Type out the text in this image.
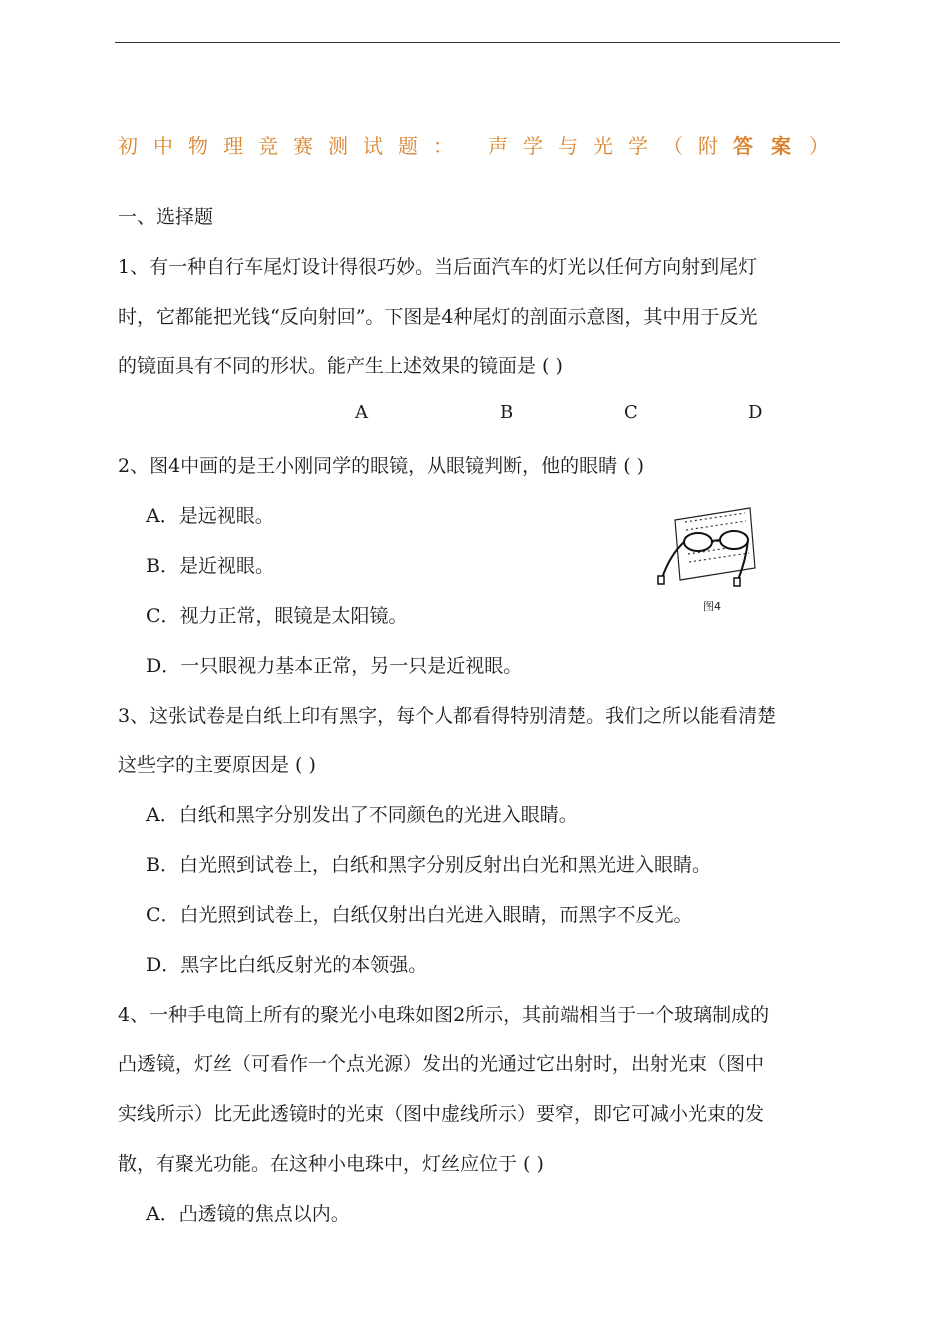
初中物理竞赛测试题： 声学与光学（附答案）
一、选择题
1、有一种自行车尾灯设计得很巧妙。当后面汽车的灯光以任何方向射到尾灯
时，它都能把光钱“反向射回”。下图是4种尾灯的剖面示意图，其中用于反光
的镜面具有不同的形状。能产生上述效果的镜面是 ( )
A	B	C	D
2、图4中画的是王小刚同学的眼镜，从眼镜判断，他的眼睛 ( )
A．是远视眼。
B．是近视眼。
C．视力正常，眼镜是太阳镜。
D．一只眼视力基本正常，另一只是近视眼。
图4
3、这张试卷是白纸上印有黑字，每个人都看得特别清楚。我们之所以能看清楚
这些字的主要原因是 ( )
A．白纸和黑字分别发出了不同颜色的光进入眼睛。
B．白光照到试卷上，白纸和黑字分别反射出白光和黑光进入眼睛。
C．白光照到试卷上，白纸仅射出白光进入眼睛，而黑字不反光。
D．黑字比白纸反射光的本领强。
4、一种手电筒上所有的聚光小电珠如图2所示，其前端相当于一个玻璃制成的
凸透镜，灯丝（可看作一个点光源）发出的光通过它出射时，出射光束（图中
实线所示）比无此透镜时的光束（图中虚线所示）要窄，即它可减小光束的发
散，有聚光功能。在这种小电珠中，灯丝应位于 ( )
A．凸透镜的焦点以内。
